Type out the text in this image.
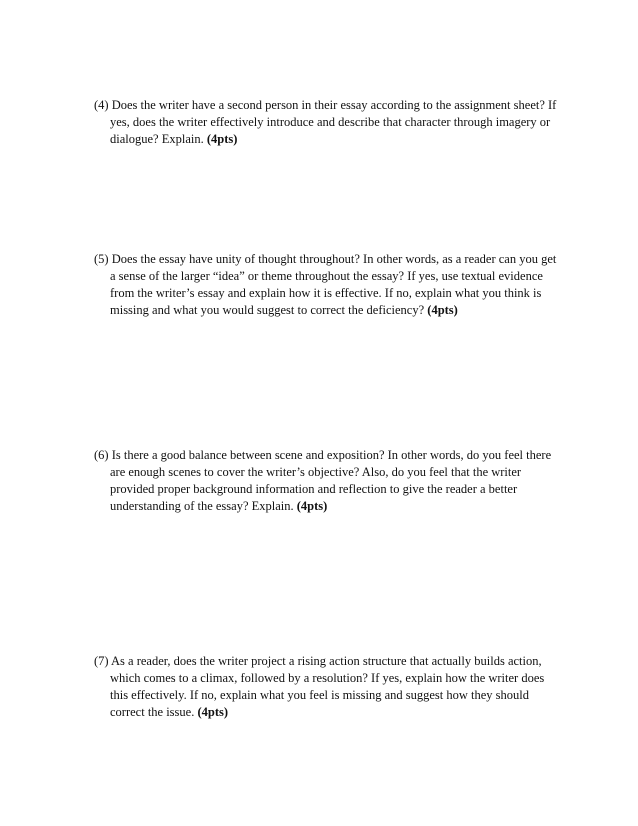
(4) Does the writer have a second person in their essay according to the assignment sheet? If
yes, does the writer effectively introduce and describe that character through imagery or
dialogue? Explain. (4pts)
(5) Does the essay have unity of thought throughout? In other words, as a reader can you get
a sense of the larger “idea” or theme throughout the essay? If yes, use textual evidence
from the writer’s essay and explain how it is effective. If no, explain what you think is
missing and what you would suggest to correct the deficiency? (4pts)
(6) Is there a good balance between scene and exposition? In other words, do you feel there
are enough scenes to cover the writer’s objective? Also, do you feel that the writer
provided proper background information and reflection to give the reader a better
understanding of the essay? Explain. (4pts)
(7) As a reader, does the writer project a rising action structure that actually builds action,
which comes to a climax, followed by a resolution? If yes, explain how the writer does
this effectively. If no, explain what you feel is missing and suggest how they should
correct the issue. (4pts)
